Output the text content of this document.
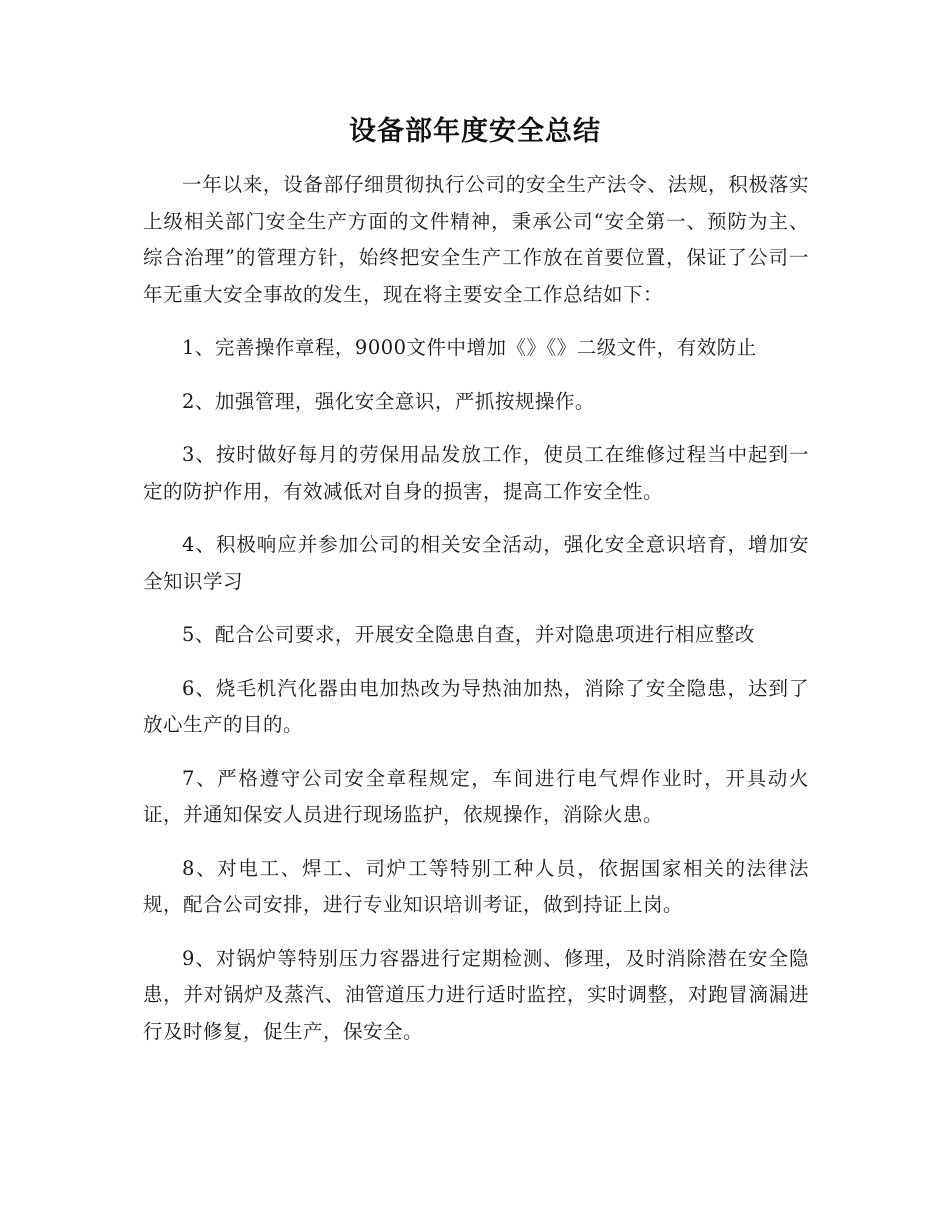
设备部年度安全总结

一年以来，设备部仔细贯彻执行公司的安全生产法令、法规，积极落实上级相关部门安全生产方面的文件精神，秉承公司“安全第一、预防为主、综合治理”的管理方针，始终把安全生产工作放在首要位置，保证了公司一年无重大安全事故的发生，现在将主要安全工作总结如下：

1、完善操作章程，9000文件中增加《》《》二级文件，有效防止

2、加强管理，强化安全意识，严抓按规操作。

3、按时做好每月的劳保用品发放工作，使员工在维修过程当中起到一定的防护作用，有效减低对自身的损害，提高工作安全性。

4、积极响应并参加公司的相关安全活动，强化安全意识培育，增加安全知识学习

5、配合公司要求，开展安全隐患自查，并对隐患项进行相应整改

6、烧毛机汽化器由电加热改为导热油加热，消除了安全隐患，达到了放心生产的目的。

7、严格遵守公司安全章程规定，车间进行电气焊作业时，开具动火证，并通知保安人员进行现场监护，依规操作，消除火患。

8、对电工、焊工、司炉工等特别工种人员，依据国家相关的法律法规，配合公司安排，进行专业知识培训考证，做到持证上岗。

9、对锅炉等特别压力容器进行定期检测、修理，及时消除潜在安全隐患，并对锅炉及蒸汽、油管道压力进行适时监控，实时调整，对跑冒滴漏进行及时修复，促生产，保安全。
